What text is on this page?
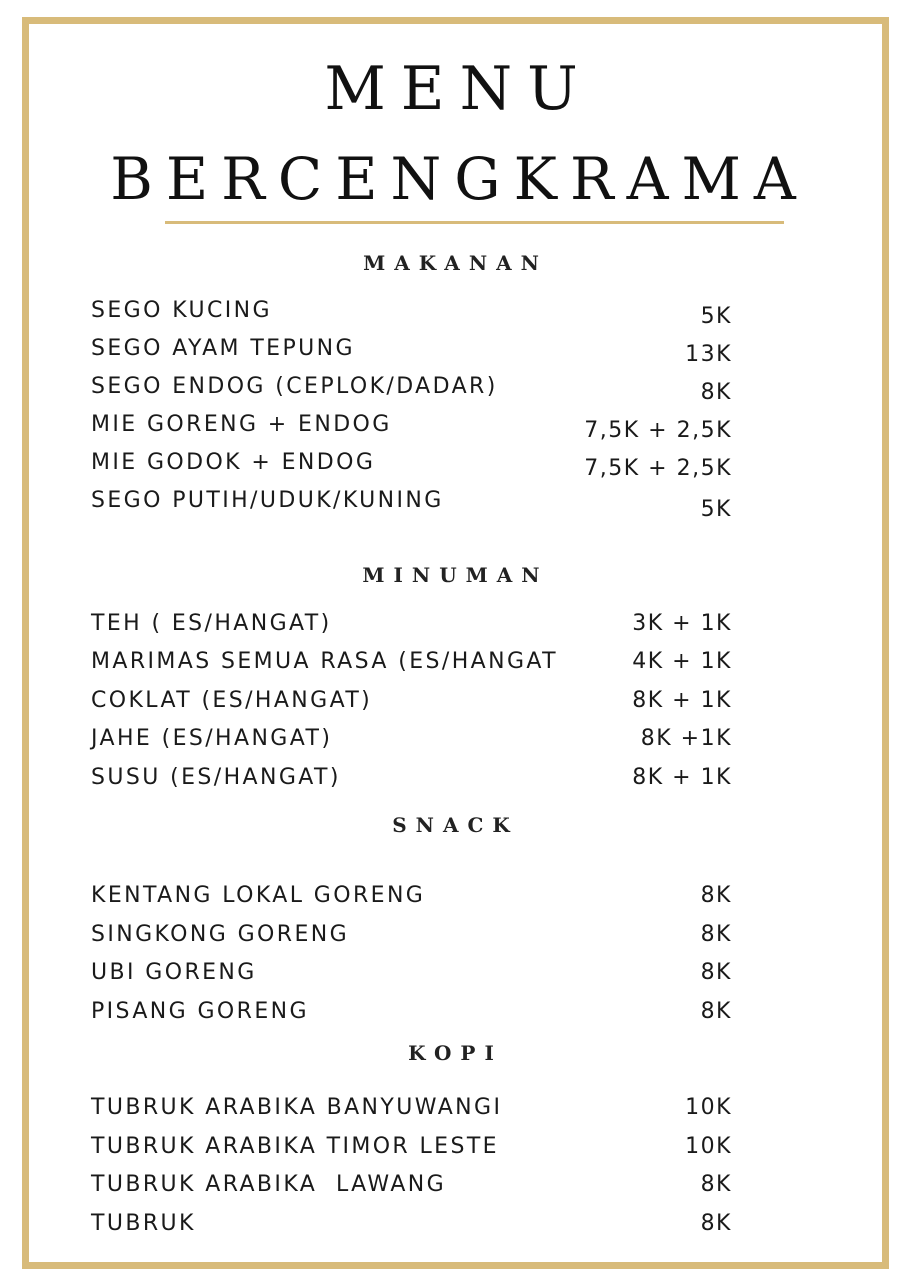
MENU
BERCENGKRAMA
MAKANAN
SEGO KUCING	5K
SEGO AYAM TEPUNG	13K
SEGO ENDOG (CEPLOK/DADAR)	8K
MIE GORENG + ENDOG	7,5K + 2,5K
MIE GODOK + ENDOG	7,5K + 2,5K
SEGO PUTIH/UDUK/KUNING	5K
MINUMAN
TEH ( ES/HANGAT)	3K + 1K
MARIMAS SEMUA RASA (ES/HANGAT	4K + 1K
COKLAT (ES/HANGAT)	8K + 1K
JAHE (ES/HANGAT)	8K +1K
SUSU (ES/HANGAT)	8K + 1K
SNACK
KENTANG LOKAL GORENG	8K
SINGKONG GORENG	8K
UBI GORENG	8K
PISANG GORENG	8K
KOPI
TUBRUK ARABIKA BANYUWANGI	10K
TUBRUK ARABIKA TIMOR LESTE	10K
TUBRUK ARABIKA  LAWANG	8K
TUBRUK	8K
